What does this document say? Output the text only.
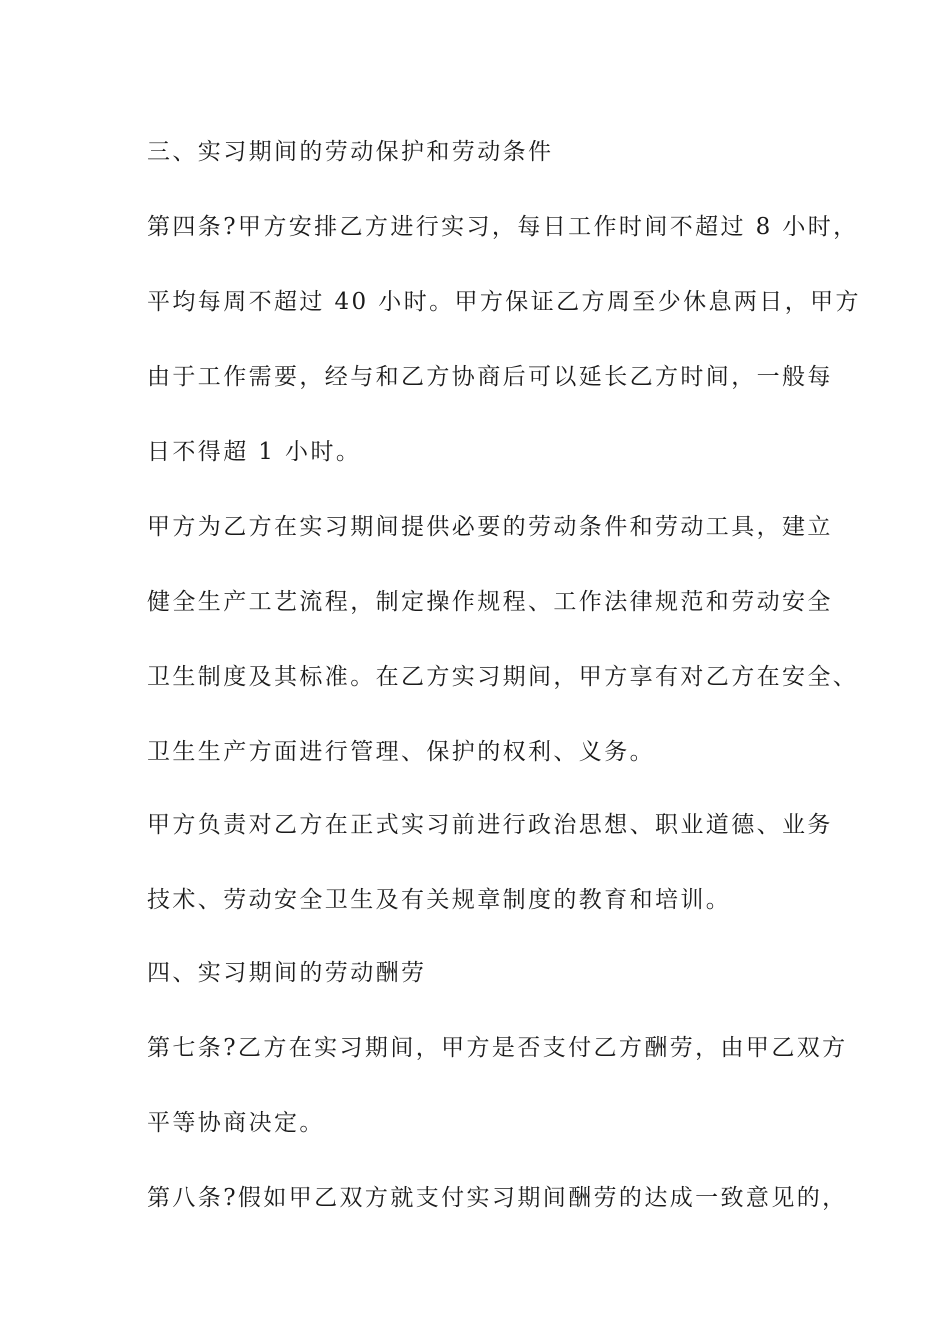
三、实习期间的劳动保护和劳动条件
第四条?甲方安排乙方进行实习，每日工作时间不超过 8 小时，
平均每周不超过 40 小时。甲方保证乙方周至少休息两日，甲方
由于工作需要，经与和乙方协商后可以延长乙方时间，一般每
日不得超 1 小时。
甲方为乙方在实习期间提供必要的劳动条件和劳动工具，建立
健全生产工艺流程，制定操作规程、工作法律规范和劳动安全
卫生制度及其标准。在乙方实习期间，甲方享有对乙方在安全、
卫生生产方面进行管理、保护的权利、义务。
甲方负责对乙方在正式实习前进行政治思想、职业道德、业务
技术、劳动安全卫生及有关规章制度的教育和培训。
四、实习期间的劳动酬劳
第七条?乙方在实习期间，甲方是否支付乙方酬劳，由甲乙双方
平等协商决定。
第八条?假如甲乙双方就支付实习期间酬劳的达成一致意见的，
